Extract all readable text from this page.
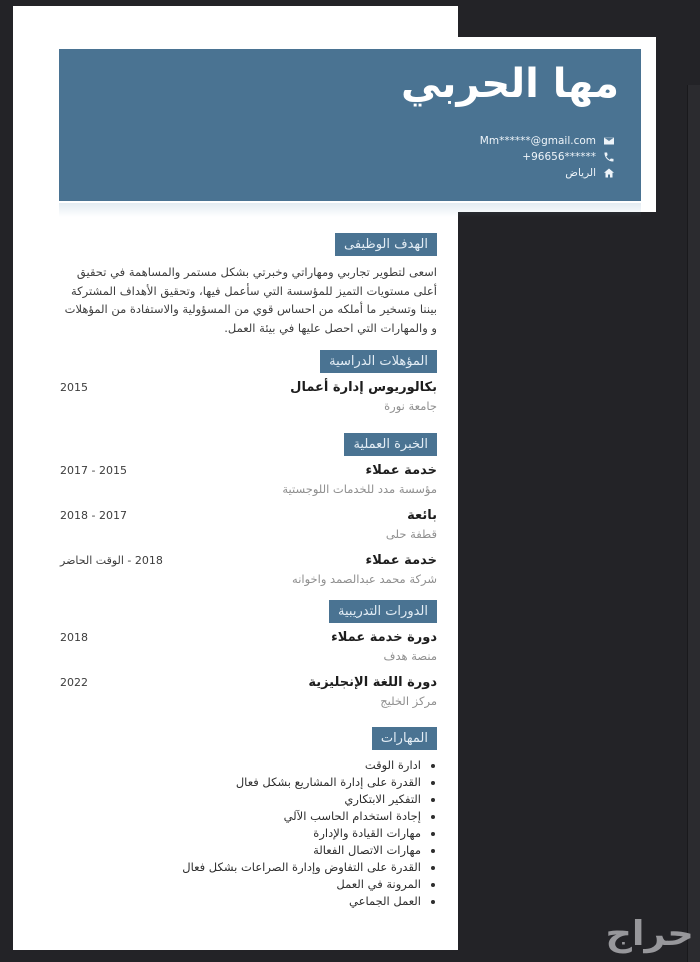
مها الحربي
Mm******@gmail.com
+96656******
الرياض
الهدف الوظيفى
اسعى لتطوير تجاربي ومهاراتي وخبرتي بشكل مستمر والمساهمة في تحقيق أعلى مستويات التميز للمؤسسة التي سأعمل فيها، وتحقيق الأهداف المشتركة بيننا وتسخير ما أملكه من احساس قوي من المسؤولية والاستفادة من المؤهلات و والمهارات التي احصل عليها في بيئة العمل.
المؤهلات الدراسية
بكالوريوس إدارة أعمال
جامعة نورة
2015
الخبرة العملية
خدمة عملاء
مؤسسة مدد للخدمات اللوجستية
2015 - 2017
بائعة
قطفة حلى
2017 - 2018
خدمة عملاء
شركة محمد عبدالصمد واخوانه
2018 - الوقت الحاضر
الدورات التدريبية
دورة خدمة عملاء
منصة هدف
2018
دورة اللغة الإنجليزية
مركز الخليج
2022
المهارات
• ادارة الوقت
• القدرة على إدارة المشاريع بشكل فعال
• التفكير الابتكاري
• إجادة استخدام الحاسب الآلي
• مهارات القيادة والإدارة
• مهارات الاتصال الفعالة
• القدرة على التفاوض وإدارة الصراعات بشكل فعال
• المرونة في العمل
• العمل الجماعي
حراج
